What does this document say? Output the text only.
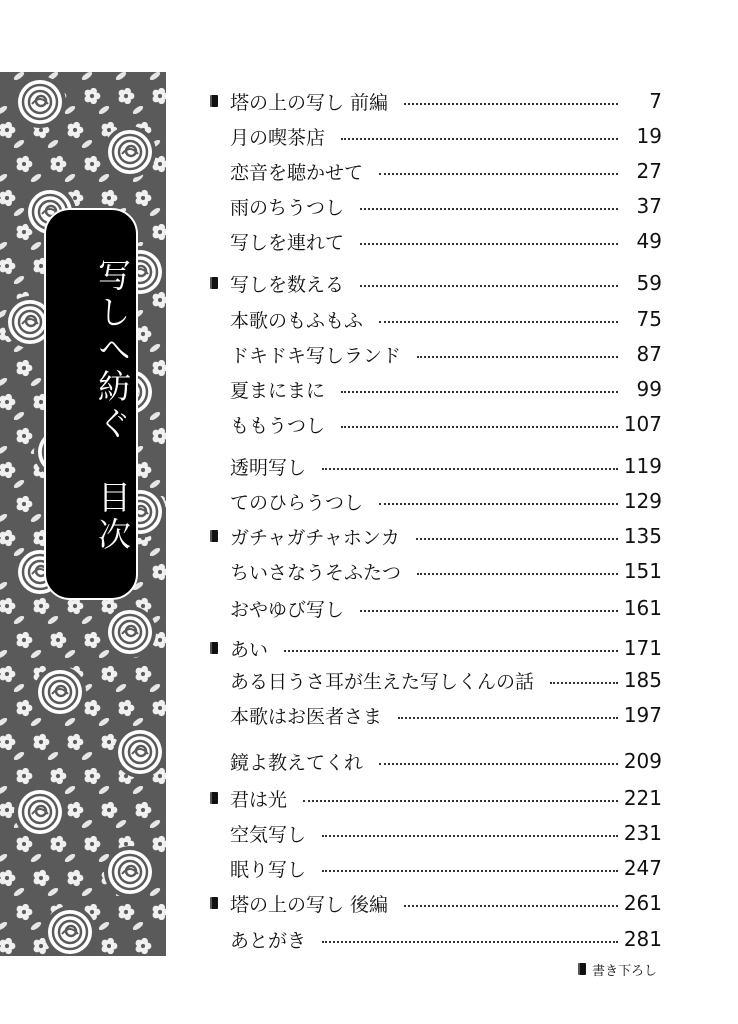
写しへ紡ぐ　目次
塔の上の写し 前編	7
月の喫茶店	19
恋音を聴かせて	27
雨のちうつし	37
写しを連れて	49
写しを数える	59
本歌のもふもふ	75
ドキドキ写しランド	87
夏まにまに	99
ももうつし	107
透明写し	119
てのひらうつし	129
ガチャガチャホンカ	135
ちいさなうそふたつ	151
おやゆび写し	161
あい	171
ある日うさ耳が生えた写しくんの話	185
本歌はお医者さま	197
鏡よ教えてくれ	209
君は光	221
空気写し	231
眠り写し	247
塔の上の写し 後編	261
あとがき	281
書き下ろし
